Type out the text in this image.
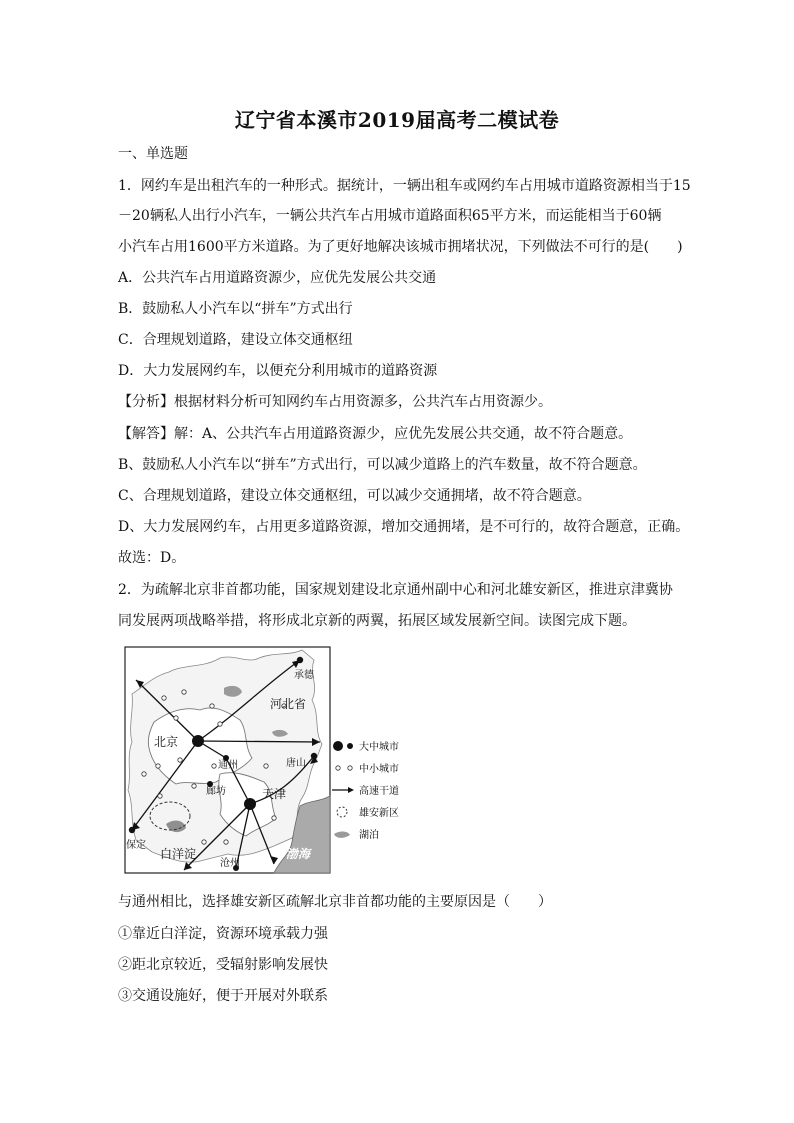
辽宁省本溪市2019届高考二模试卷
一、单选题
1．网约车是出租汽车的一种形式。据统计，一辆出租车或网约车占用城市道路资源相当于15
－20辆私人出行小汽车，一辆公共汽车占用城市道路面积65平方米，而运能相当于60辆
小汽车占用1600平方米道路。为了更好地解决该城市拥堵状况，下列做法不可行的是(　　)
A．公共汽车占用道路资源少，应优先发展公共交通
B．鼓励私人小汽车以“拼车”方式出行
C．合理规划道路，建设立体交通枢纽
D．大力发展网约车，以便充分利用城市的道路资源
【分析】根据材料分析可知网约车占用资源多，公共汽车占用资源少。
【解答】解：A、公共汽车占用道路资源少，应优先发展公共交通，故不符合题意。
B、鼓励私人小汽车以“拼车”方式出行，可以减少道路上的汽车数量，故不符合题意。
C、合理规划道路，建设立体交通枢纽，可以减少交通拥堵，故不符合题意。
D、大力发展网约车，占用更多道路资源，增加交通拥堵，是不可行的，故符合题意，正确。
故选：D。
2．为疏解北京非首都功能，国家规划建设北京通州副中心和河北雄安新区，推进京津冀协
同发展两项战略举措，将形成北京新的两翼，拓展区域发展新空间。读图完成下题。
北京
通州
天津
承德
河北省
唐山
廊坊
保定
白洋淀
沧州
渤海
大中城市
中小城市
高速干道
雄安新区
湖泊
与通州相比，选择雄安新区疏解北京非首都功能的主要原因是（　　）
①靠近白洋淀，资源环境承载力强
②距北京较近，受辐射影响发展快
③交通设施好，便于开展对外联系
